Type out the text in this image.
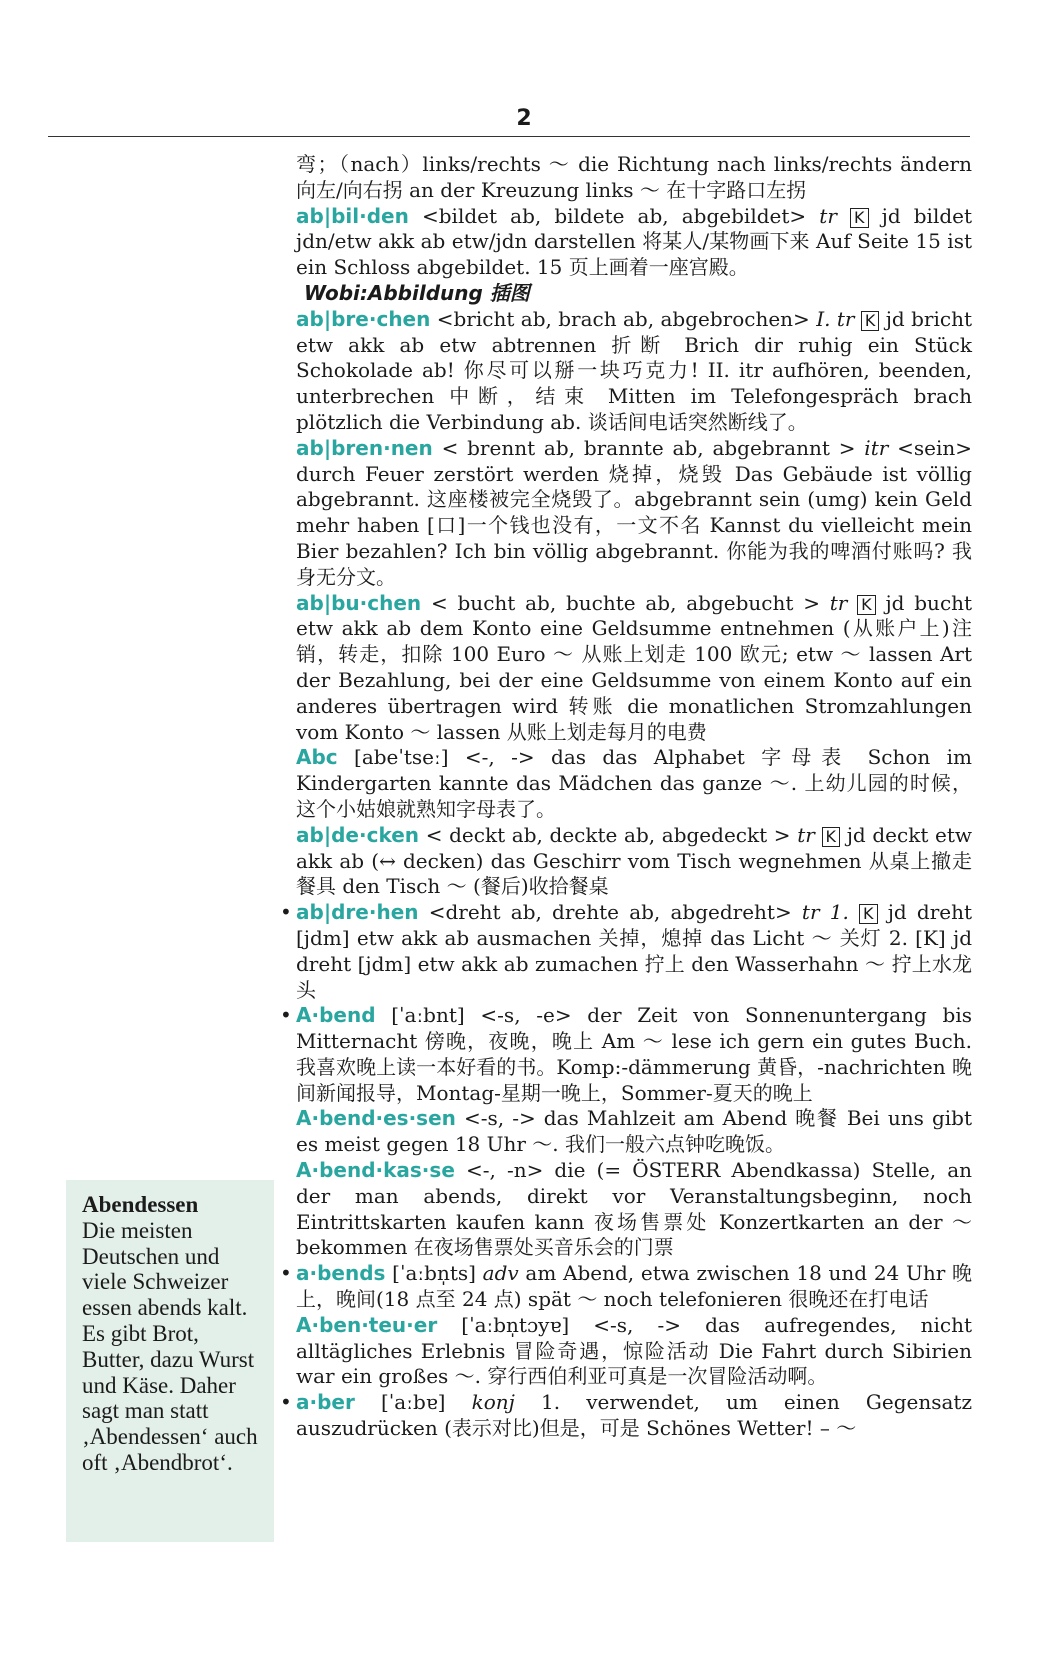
2
Abendessen
Die meisten Deutschen und viele Schweizer essen abends kalt. Es gibt Brot, Butter, dazu Wurst und Käse. Daher sagt man statt ‚Abendessen‘ auch oft ‚Abendbrot‘.

弯；（nach）links/rechts ～ die Richtung nach links/rechts ändern 向左/向右拐 an der Kreuzung links ～ 在十字路口左拐

ab|bil·den <bildet ab, bildete ab, abgebildet> tr K jd bildet jdn/etw akk ab etw/jdn darstellen 将某人/某物画下来 Auf Seite 15 ist ein Schloss abgebildet. 15 页上画着一座宫殿。
Wobi:Abbildung 插图

ab|bre·chen <bricht ab, brach ab, abgebrochen> I. tr K jd bricht etw akk ab etw abtrennen 折断 Brich dir ruhig ein Stück Schokolade ab! 你尽可以掰一块巧克力! II. itr aufhören, beenden, unterbrechen 中断，结束 Mitten im Telefongespräch brach plötzlich die Verbindung ab. 谈话间电话突然断线了。

ab|bren·nen < brennt ab, brannte ab, abgebrannt > itr <sein> durch Feuer zerstört werden 烧掉，烧毁 Das Gebäude ist völlig abgebrannt. 这座楼被完全烧毁了。abgebrannt sein (umg) kein Geld mehr haben [口]一个钱也没有，一文不名 Kannst du vielleicht mein Bier bezahlen? Ich bin völlig abgebrannt. 你能为我的啤酒付账吗? 我身无分文。

ab|bu·chen < bucht ab, buchte ab, abgebucht > tr K jd bucht etw akk ab dem Konto eine Geldsumme entnehmen (从账户上)注销，转走，扣除 100 Euro ～ 从账上划走 100 欧元; etw ～ lassen Art der Bezahlung, bei der eine Geldsumme von einem Konto auf ein anderes übertragen wird 转账 die monatlichen Stromzahlungen vom Konto ～ lassen 从账上划走每月的电费

Abc [abeˈtseː] <-, -> das das Alphabet 字母表 Schon im Kindergarten kannte das Mädchen das ganze ～. 上幼儿园的时候，这个小姑娘就熟知字母表了。

ab|de·cken < deckt ab, deckte ab, abgedeckt > tr K jd deckt etw akk ab (↔ decken) das Geschirr vom Tisch wegnehmen 从桌上撤走餐具 den Tisch ～ (餐后)收拾餐桌

• ab|dre·hen <dreht ab, drehte ab, abgedreht> tr 1. K jd dreht [jdm] etw akk ab ausmachen 关掉，熄掉 das Licht ～ 关灯 2. [K] jd dreht [jdm] etw akk ab zumachen 拧上 den Wasserhahn ～ 拧上水龙头

• A·bend [ˈaːbnt] <-s, -e> der Zeit von Sonnenuntergang bis Mitternacht 傍晚，夜晚，晚上 Am ～ lese ich gern ein gutes Buch. 我喜欢晚上读一本好看的书。Komp:-dämmerung 黄昏，-nachrichten 晚间新闻报导，Montag-星期一晚上，Sommer-夏天的晚上

A·bend·es·sen <-s, -> das Mahlzeit am Abend 晚餐 Bei uns gibt es meist gegen 18 Uhr ～. 我们一般六点钟吃晚饭。

A·bend·kas·se <-, -n> die (= ÖSTERR Abendkassa) Stelle, an der man abends, direkt vor Veranstaltungsbeginn, noch Eintrittskarten kaufen kann 夜场售票处 Konzertkarten an der ～ bekommen 在夜场售票处买音乐会的门票

• a·bends [ˈaːbn̩ts] adv am Abend, etwa zwischen 18 und 24 Uhr 晚上，晚间(18 点至 24 点) spät ～ noch telefonieren 很晚还在打电话

A·ben·teu·er [ˈaːbn̩tɔyɐ] <-s, -> das aufregendes, nicht alltägliches Erlebnis 冒险奇遇，惊险活动 Die Fahrt durch Sibirien war ein großes ～. 穿行西伯利亚可真是一次冒险活动啊。

• a·ber [ˈaːbɐ] konj 1. verwendet, um einen Gegensatz auszudrücken (表示对比)但是，可是 Schönes Wetter! – ～
